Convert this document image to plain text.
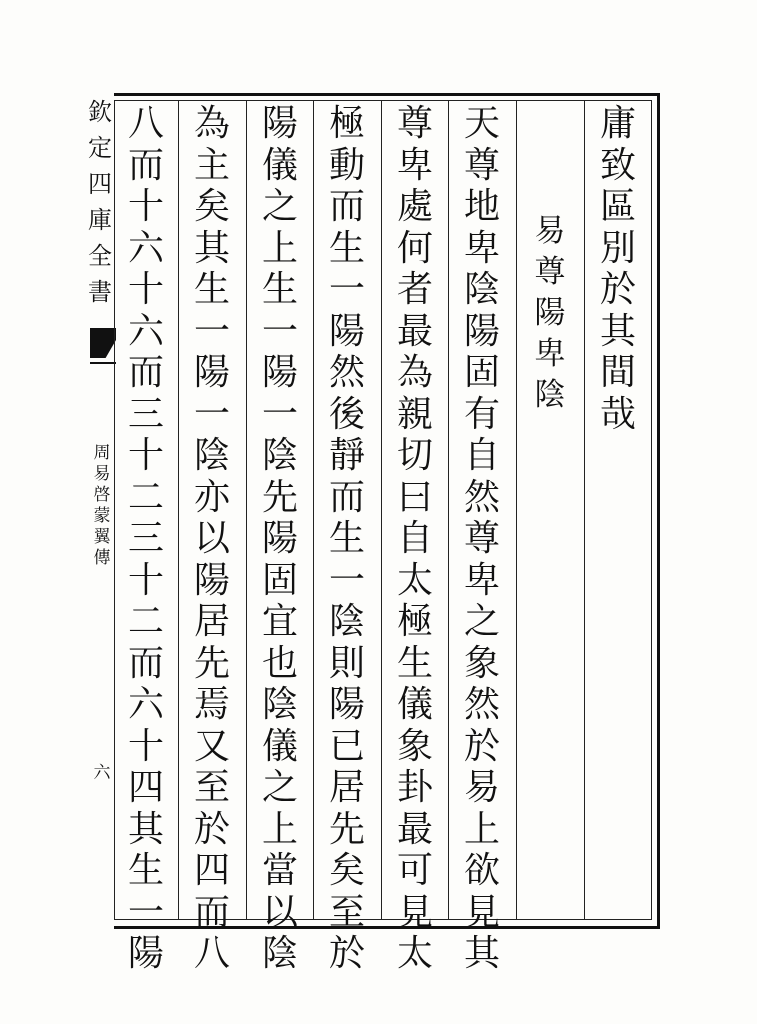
欽
定
四
庫
全
書
周
易
啓
蒙
翼
傳
六
庸
致
區
別
於
其
間
哉
易
尊
陽
卑
陰
天
尊
地
卑
陰
陽
固
有
自
然
尊
卑
之
象
然
於
易
上
欲
見
其
尊
卑
處
何
者
最
為
親
切
曰
自
太
極
生
儀
象
卦
最
可
見
太
極
動
而
生
一
陽
然
後
靜
而
生
一
陰
則
陽
已
居
先
矣
至
於
陽
儀
之
上
生
一
陽
一
陰
先
陽
固
宜
也
陰
儀
之
上
當
以
陰
為
主
矣
其
生
一
陽
一
陰
亦
以
陽
居
先
焉
又
至
於
四
而
八
八
而
十
六
十
六
而
三
十
二
三
十
二
而
六
十
四
其
生
一
陽
